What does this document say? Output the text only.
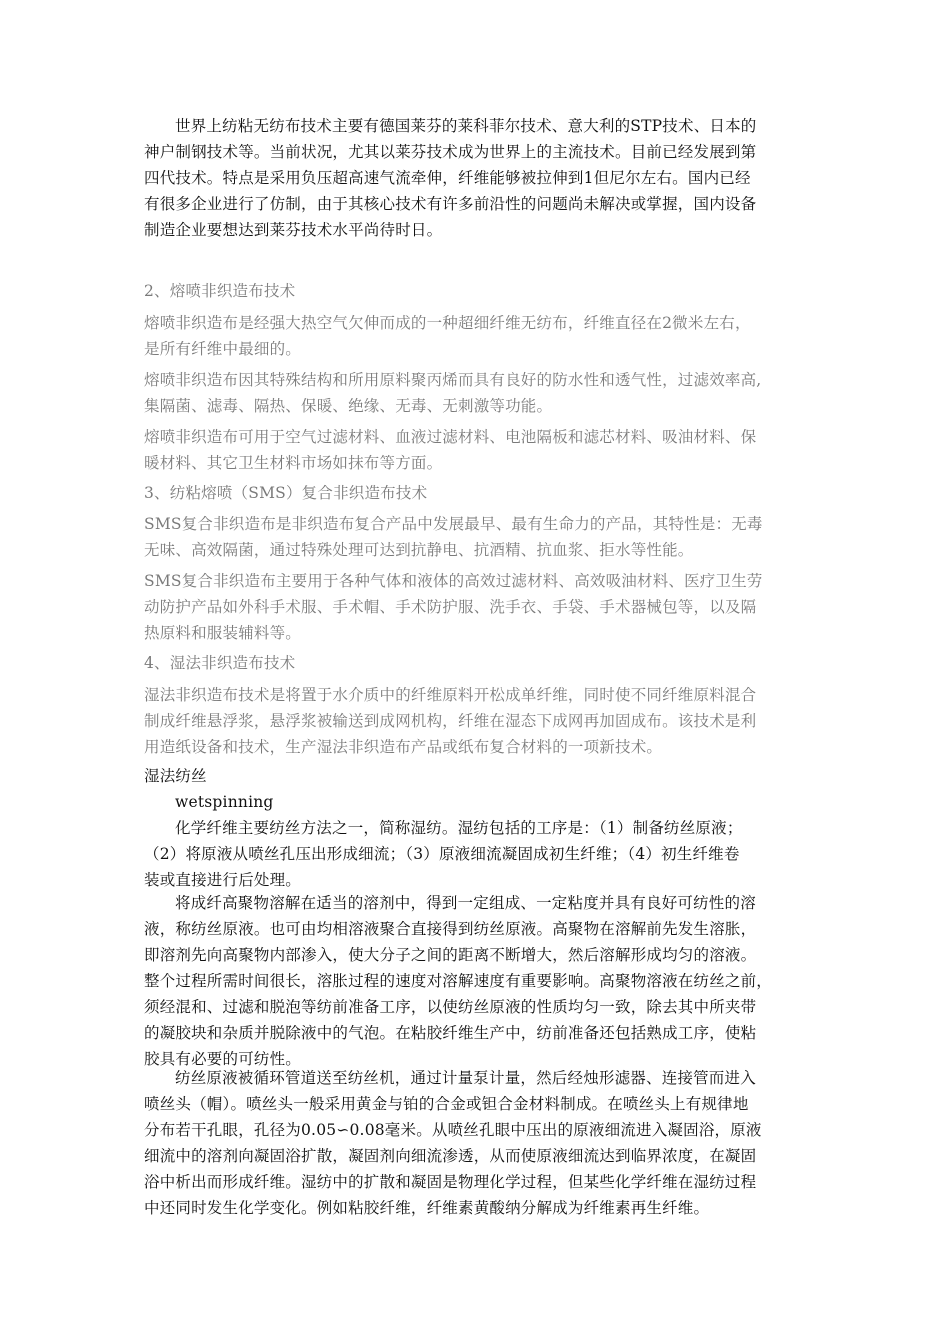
世界上纺粘无纺布技术主要有德国莱芬的莱科菲尔技术、意大利的STP技术、日本的
神户制钢技术等。当前状况，尤其以莱芬技术成为世界上的主流技术。目前已经发展到第
四代技术。特点是采用负压超高速气流牵伸，纤维能够被拉伸到1但尼尔左右。国内已经
有很多企业进行了仿制，由于其核心技术有许多前沿性的问题尚未解决或掌握，国内设备
制造企业要想达到莱芬技术水平尚待时日。
2、熔喷非织造布技术
熔喷非织造布是经强大热空气欠伸而成的一种超细纤维无纺布，纤维直径在2微米左右，
是所有纤维中最细的。
熔喷非织造布因其特殊结构和所用原料聚丙烯而具有良好的防水性和透气性，过滤效率高,
集隔菌、滤毒、隔热、保暖、绝缘、无毒、无刺激等功能。
熔喷非织造布可用于空气过滤材料、血液过滤材料、电池隔板和滤芯材料、吸油材料、保
暖材料、其它卫生材料市场如抹布等方面。
3、纺粘熔喷（SMS）复合非织造布技术
SMS复合非织造布是非织造布复合产品中发展最早、最有生命力的产品，其特性是：无毒
无味、高效隔菌，通过特殊处理可达到抗静电、抗酒精、抗血浆、拒水等性能。
SMS复合非织造布主要用于各种气体和液体的高效过滤材料、高效吸油材料、医疗卫生劳
动防护产品如外科手术服、手术帽、手术防护服、洗手衣、手袋、手术器械包等，以及隔
热原料和服装辅料等。
4、湿法非织造布技术
湿法非织造布技术是将置于水介质中的纤维原料开松成单纤维，同时使不同纤维原料混合
制成纤维悬浮浆，悬浮浆被输送到成网机构，纤维在湿态下成网再加固成布。该技术是利
用造纸设备和技术，生产湿法非织造布产品或纸布复合材料的一项新技术。
湿法纺丝
wetspinning
化学纤维主要纺丝方法之一，简称湿纺。湿纺包括的工序是：（1）制备纺丝原液；
（2）将原液从喷丝孔压出形成细流；（3）原液细流凝固成初生纤维；（4）初生纤维卷
装或直接进行后处理。
将成纤高聚物溶解在适当的溶剂中，得到一定组成、一定粘度并具有良好可纺性的溶
液，称纺丝原液。也可由均相溶液聚合直接得到纺丝原液。高聚物在溶解前先发生溶胀，
即溶剂先向高聚物内部渗入，使大分子之间的距离不断增大，然后溶解形成均匀的溶液。
整个过程所需时间很长，溶胀过程的速度对溶解速度有重要影响。高聚物溶液在纺丝之前，
须经混和、过滤和脱泡等纺前准备工序，以使纺丝原液的性质均匀一致，除去其中所夹带
的凝胶块和杂质并脱除液中的气泡。在粘胶纤维生产中，纺前准备还包括熟成工序，使粘
胶具有必要的可纺性。
纺丝原液被循环管道送至纺丝机，通过计量泵计量，然后经烛形滤器、连接管而进入
喷丝头（帽）。喷丝头一般采用黄金与铂的合金或钽合金材料制成。在喷丝头上有规律地
分布若干孔眼，孔径为0.05∽0.08毫米。从喷丝孔眼中压出的原液细流进入凝固浴，原液
细流中的溶剂向凝固浴扩散，凝固剂向细流渗透，从而使原液细流达到临界浓度，在凝固
浴中析出而形成纤维。湿纺中的扩散和凝固是物理化学过程，但某些化学纤维在湿纺过程
中还同时发生化学变化。例如粘胶纤维，纤维素黄酸纳分解成为纤维素再生纤维。
